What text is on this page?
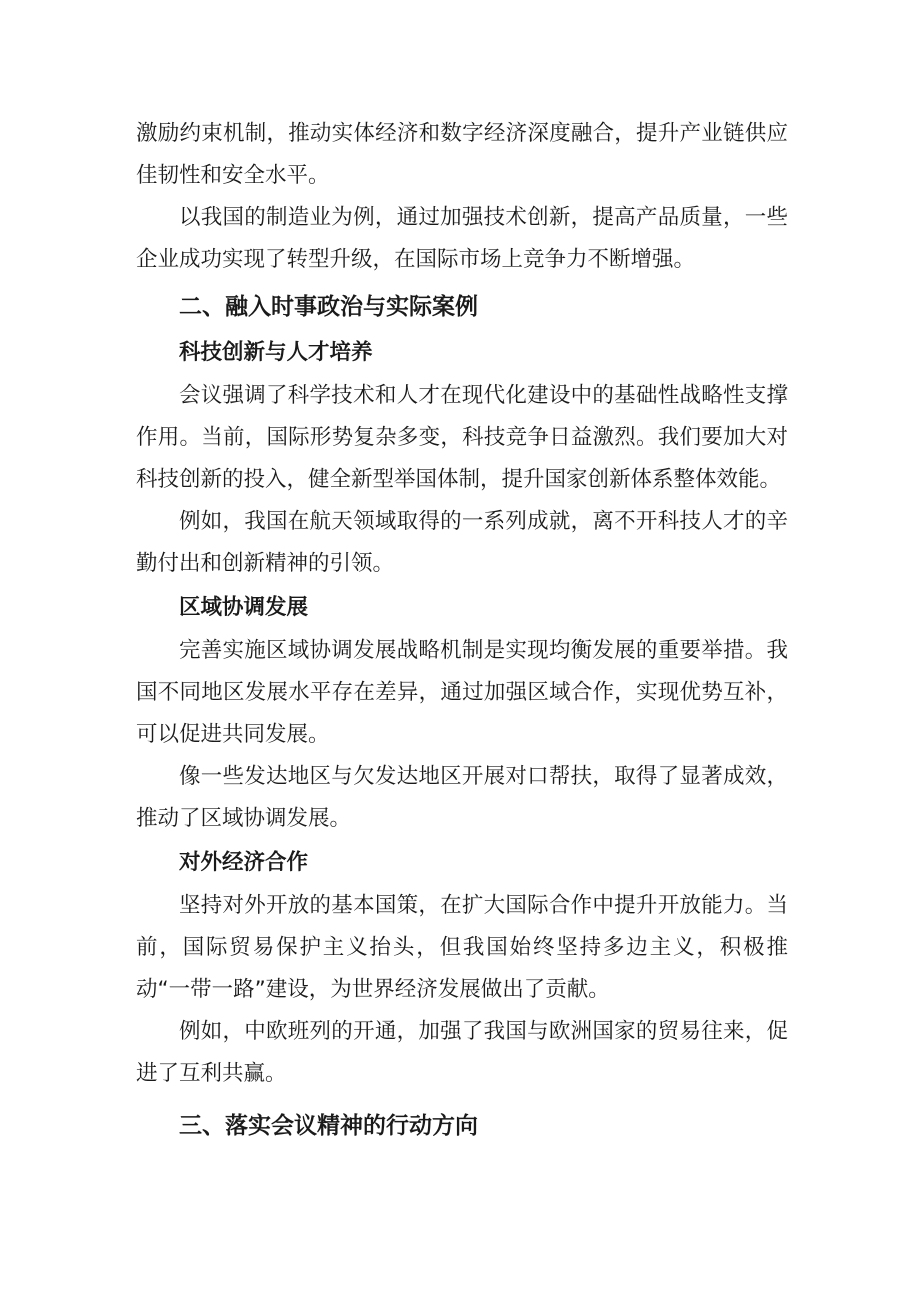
激励约束机制，推动实体经济和数字经济深度融合，提升产业链供应佳韧性和安全水平。

以我国的制造业为例，通过加强技术创新，提高产品质量，一些企业成功实现了转型升级，在国际市场上竞争力不断增强。

二、融入时事政治与实际案例
科技创新与人才培养

会议强调了科学技术和人才在现代化建设中的基础性战略性支撑作用。当前，国际形势复杂多变，科技竞争日益激烈。我们要加大对科技创新的投入，健全新型举国体制，提升国家创新体系整体效能。

例如，我国在航天领域取得的一系列成就，离不开科技人才的辛勤付出和创新精神的引领。

区域协调发展

完善实施区域协调发展战略机制是实现均衡发展的重要举措。我国不同地区发展水平存在差异，通过加强区域合作，实现优势互补，可以促进共同发展。

像一些发达地区与欠发达地区开展对口帮扶，取得了显著成效，推动了区域协调发展。

对外经济合作

坚持对外开放的基本国策，在扩大国际合作中提升开放能力。当前，国际贸易保护主义抬头，但我国始终坚持多边主义，积极推动“一带一路”建设，为世界经济发展做出了贡献。

例如，中欧班列的开通，加强了我国与欧洲国家的贸易往来，促进了互利共赢。

三、落实会议精神的行动方向
